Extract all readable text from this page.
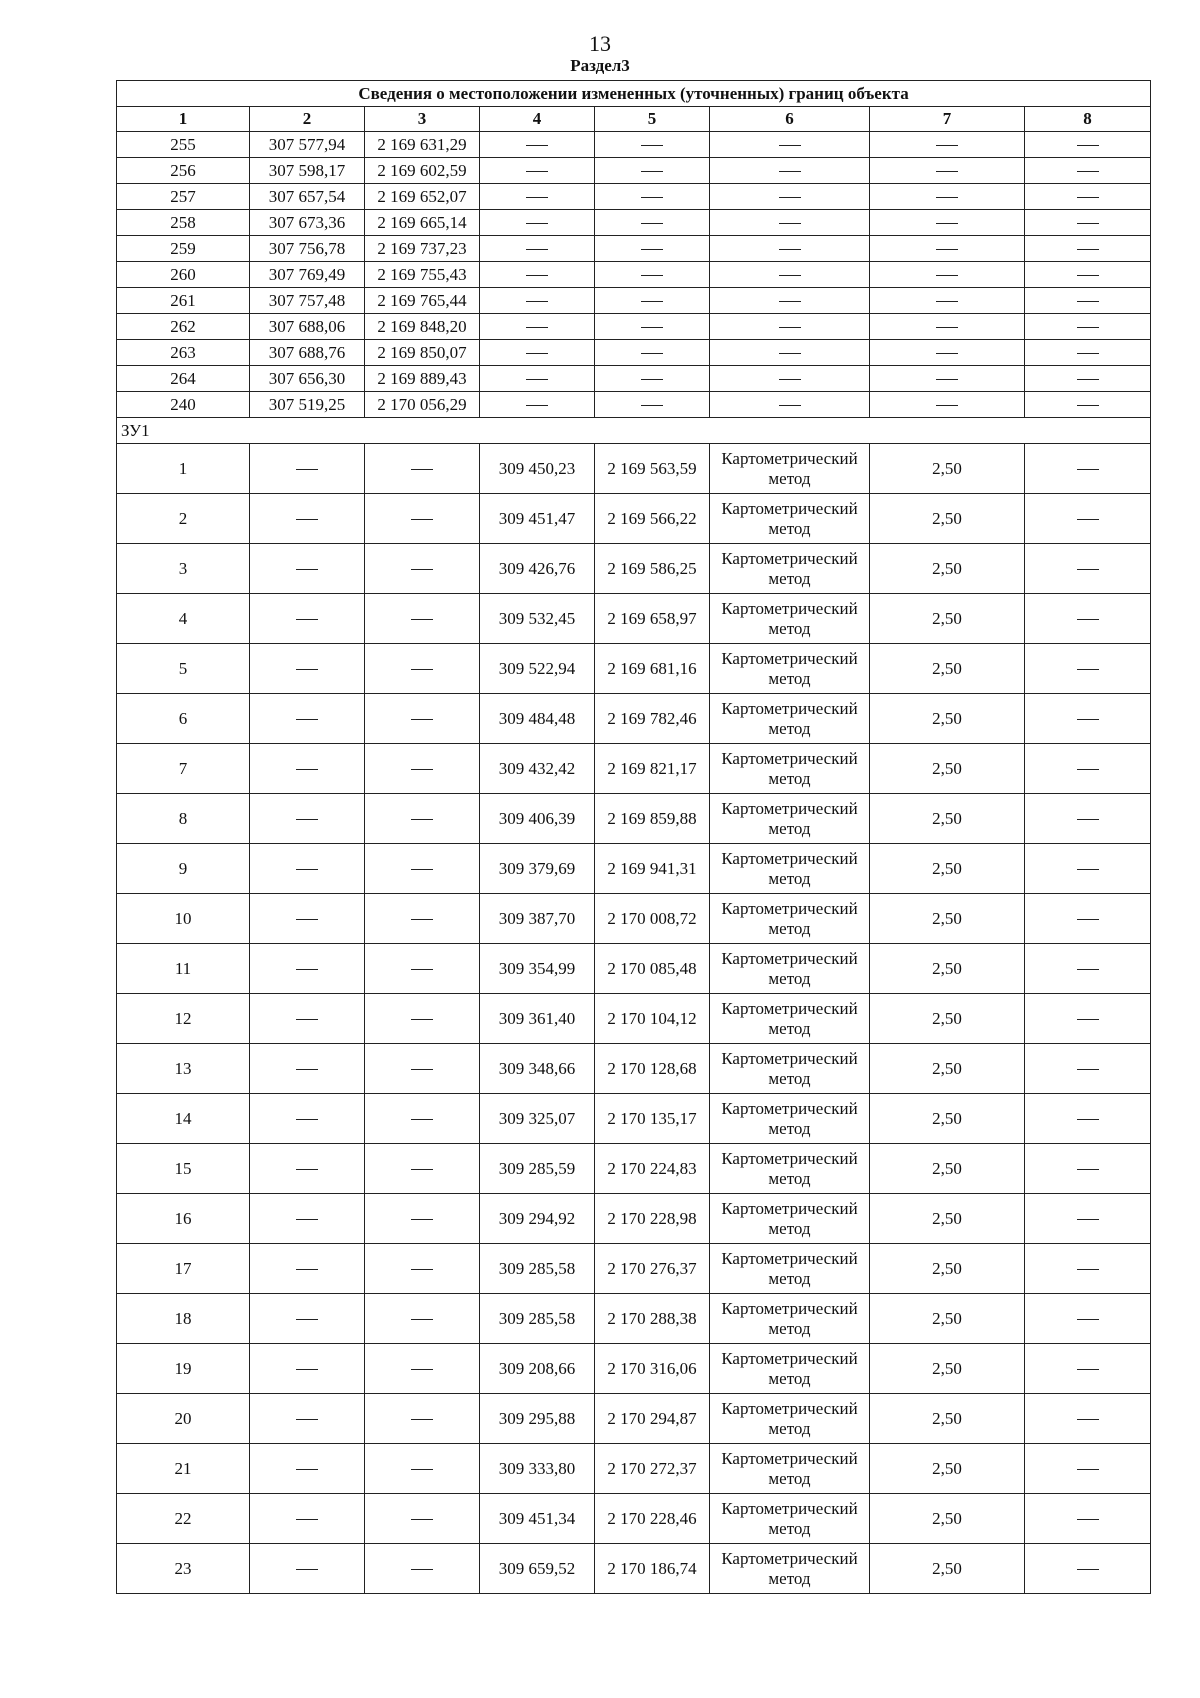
13
Раздел3
Сведения о местоположении измененных (уточненных) границ объекта							
1	2	3	4	5	6	7	8
255	307 577,94	2 169 631,29					
256	307 598,17	2 169 602,59					
257	307 657,54	2 169 652,07					
258	307 673,36	2 169 665,14					
259	307 756,78	2 169 737,23					
260	307 769,49	2 169 755,43					
261	307 757,48	2 169 765,44					
262	307 688,06	2 169 848,20					
263	307 688,76	2 169 850,07					
264	307 656,30	2 169 889,43					
240	307 519,25	2 170 056,29					
ЗУ1							
1			309 450,23	2 169 563,59	Картометрический метод	2,50	
2			309 451,47	2 169 566,22	Картометрический метод	2,50	
3			309 426,76	2 169 586,25	Картометрический метод	2,50	
4			309 532,45	2 169 658,97	Картометрический метод	2,50	
5			309 522,94	2 169 681,16	Картометрический метод	2,50	
6			309 484,48	2 169 782,46	Картометрический метод	2,50	
7			309 432,42	2 169 821,17	Картометрический метод	2,50	
8			309 406,39	2 169 859,88	Картометрический метод	2,50	
9			309 379,69	2 169 941,31	Картометрический метод	2,50	
10			309 387,70	2 170 008,72	Картометрический метод	2,50	
11			309 354,99	2 170 085,48	Картометрический метод	2,50	
12			309 361,40	2 170 104,12	Картометрический метод	2,50	
13			309 348,66	2 170 128,68	Картометрический метод	2,50	
14			309 325,07	2 170 135,17	Картометрический метод	2,50	
15			309 285,59	2 170 224,83	Картометрический метод	2,50	
16			309 294,92	2 170 228,98	Картометрический метод	2,50	
17			309 285,58	2 170 276,37	Картометрический метод	2,50	
18			309 285,58	2 170 288,38	Картометрический метод	2,50	
19			309 208,66	2 170 316,06	Картометрический метод	2,50	
20			309 295,88	2 170 294,87	Картометрический метод	2,50	
21			309 333,80	2 170 272,37	Картометрический метод	2,50	
22			309 451,34	2 170 228,46	Картометрический метод	2,50	
23			309 659,52	2 170 186,74	Картометрический метод	2,50	
